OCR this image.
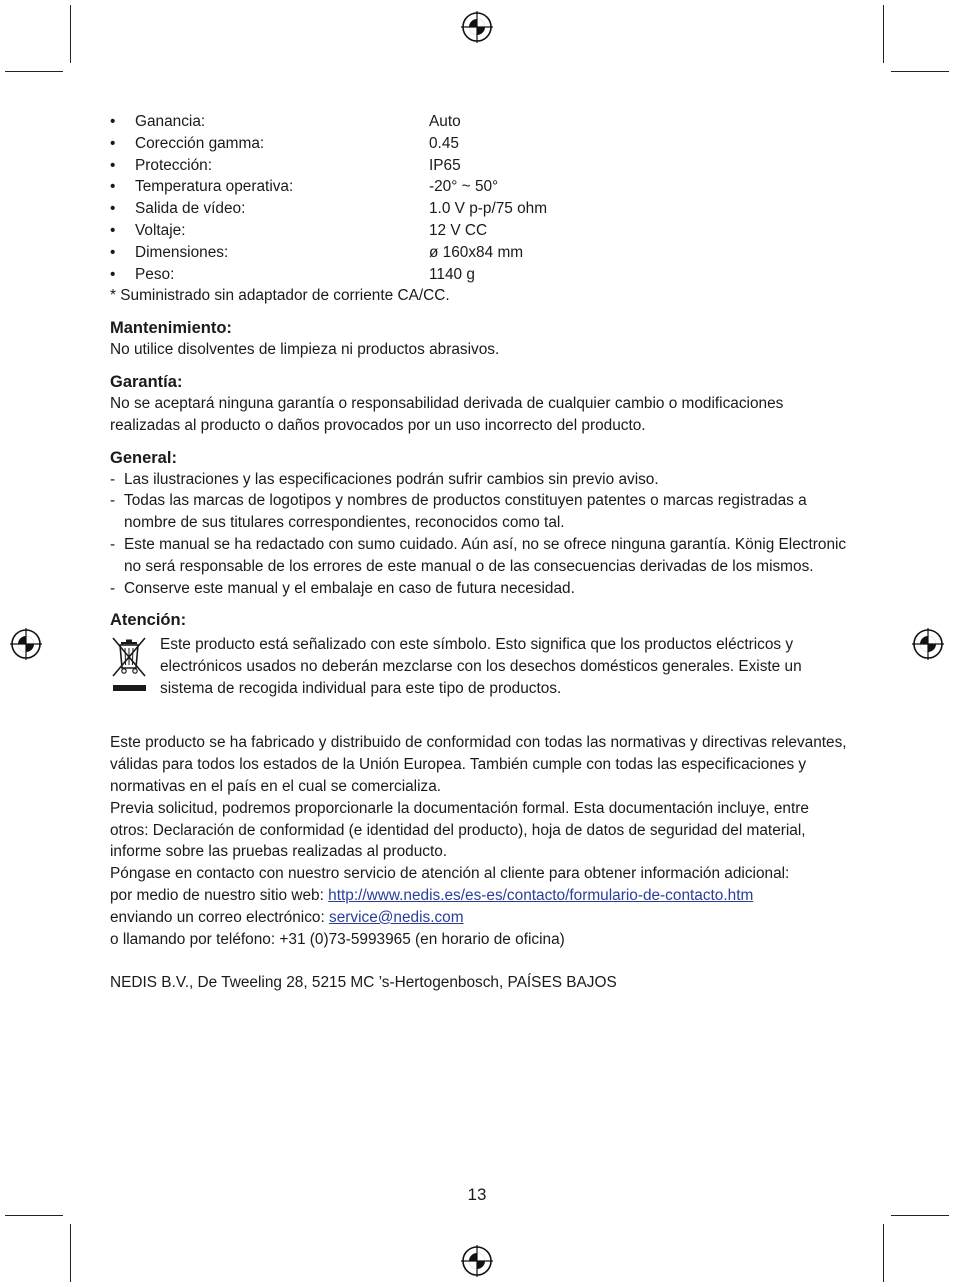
• Ganancia:	Auto
• Corección gamma:	0.45
• Protección:	IP65
• Temperatura operativa:	-20° ~ 50°
• Salida de vídeo:	1.0 V p-p/75 ohm
• Voltaje:	12 V CC
• Dimensiones:	ø 160x84 mm
• Peso:	1140 g

* Suministrado sin adaptador de corriente CA/CC.

Mantenimiento:

No utilice disolventes de limpieza ni productos abrasivos.

Garantía:

No se aceptará ninguna garantía o responsabilidad derivada de cualquier cambio o modificaciones realizadas al producto o daños provocados por un uso incorrecto del producto.

General:
- Las ilustraciones y las especificaciones podrán sufrir cambios sin previo aviso.
- Todas las marcas de logotipos y nombres de productos constituyen patentes o marcas registradas a nombre de sus titulares correspondientes, reconocidos como tal.
- Este manual se ha redactado con sumo cuidado. Aún así, no se ofrece ninguna garantía. König Electronic no será responsable de los errores de este manual o de las consecuencias derivadas de los mismos.
- Conserve este manual y el embalaje en caso de futura necesidad.
Atención:

Este producto está señalizado con este símbolo. Esto significa que los productos eléctricos y electrónicos usados no deberán mezclarse con los desechos domésticos generales. Existe un sistema de recogida individual para este tipo de productos.

Este producto se ha fabricado y distribuido de conformidad con todas las normativas y directivas relevantes, válidas para todos los estados de la Unión Europea. También cumple con todas las especificaciones y normativas en el país en el cual se comercializa.

Previa solicitud, podremos proporcionarle la documentación formal. Esta documentación incluye, entre otros: Declaración de conformidad (e identidad del producto), hoja de datos de seguridad del material, informe sobre las pruebas realizadas al producto.

Póngase en contacto con nuestro servicio de atención al cliente para obtener información adicional:

por medio de nuestro sitio web: http://www.nedis.es/es-es/contacto/formulario-de-contacto.htm

enviando un correo electrónico: service@nedis.com

o llamando por teléfono: +31 (0)73-5993965 (en horario de oficina)

NEDIS B.V., De Tweeling 28, 5215 MC ’s-Hertogenbosch, PAÍSES BAJOS

13
